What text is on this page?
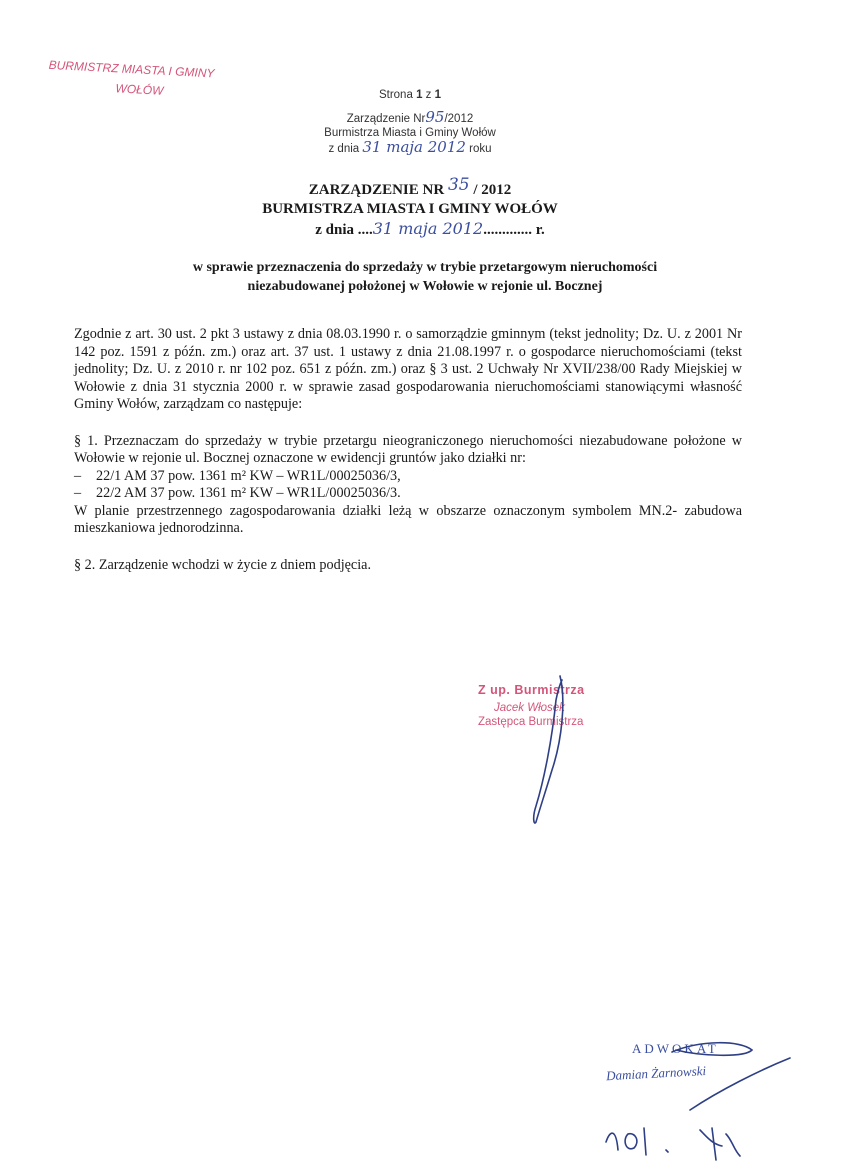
BURMISTRZ MIASTA I GMINY
WOŁÓW	Strona 1 z 1
Zarządzenie Nr95/2012
Burmistrza Miasta i Gminy Wołów
z dnia 31 maja 2012 roku
ZARZĄDZENIE NR 35 / 2012
BURMISTRZA MIASTA I GMINY WOŁÓW
z dnia ....31 maja 2012............. r.
w sprawie przeznaczenia do sprzedaży w trybie przetargowym nieruchomości
niezabudowanej położonej w Wołowie w rejonie ul. Bocznej

Zgodnie z art. 30 ust. 2 pkt 3 ustawy z dnia 08.03.1990 r. o samorządzie gminnym (tekst jednolity; Dz. U. z 2001 Nr 142 poz. 1591 z późn. zm.) oraz art. 37 ust. 1 ustawy z dnia 21.08.1997 r. o gospodarce nieruchomościami (tekst jednolity; Dz. U. z 2010 r. nr 102 poz. 651 z późn. zm.) oraz § 3 ust. 2 Uchwały Nr XVII/238/00 Rady Miejskiej w Wołowie z dnia 31 stycznia 2000 r. w sprawie zasad gospodarowania nieruchomościami stanowiącymi własność Gminy Wołów, zarządzam co następuje:

§ 1. Przeznaczam do sprzedaży w trybie przetargu nieograniczonego nieruchomości niezabudowane położone w Wołowie w rejonie ul. Bocznej oznaczone w ewidencji gruntów jako działki nr:
– 22/1 AM 37 pow. 1361 m² KW – WR1L/00025036/3,
– 22/2 AM 37 pow. 1361 m² KW – WR1L/00025036/3.
W planie przestrzennego zagospodarowania działki leżą w obszarze oznaczonym symbolem MN.2- zabudowa mieszkaniowa jednorodzinna.

§ 2. Zarządzenie wchodzi w życie z dniem podjęcia.

Z up. Burmistrza
Jacek Włosek
Zastępca Burmistrza
ADWOKAT
Damian Żarnowski
